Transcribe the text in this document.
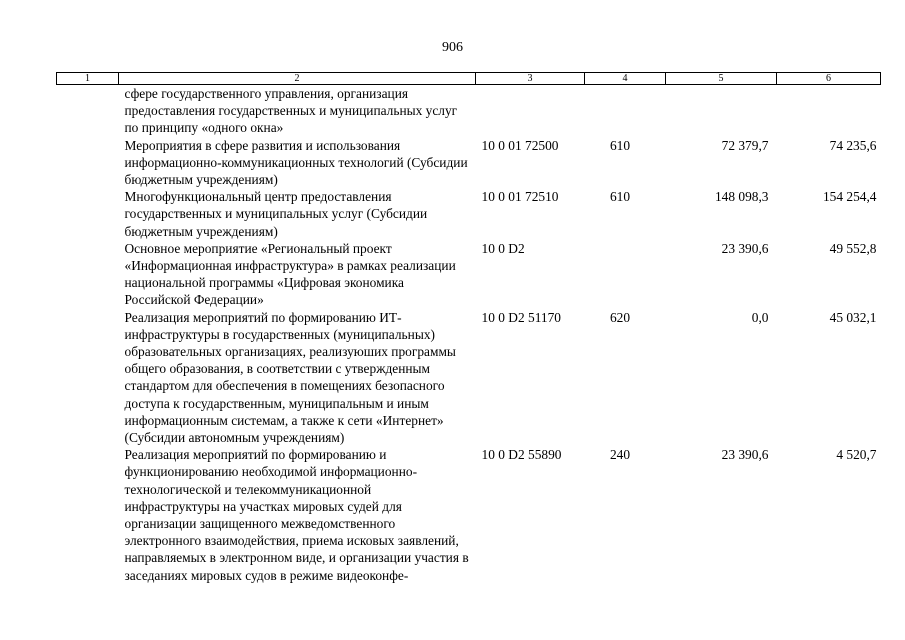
906
1	2	3	4	5	6
	сфере государственного управления, организация предоставления государственных и муниципальных услуг по принципу «одного окна»				
	Мероприятия в сфере развития и использования информационно-коммуникационных технологий (Субсидии бюджетным учреждениям)	10 0 01 72500	610	72 379,7	74 235,6
	Многофункциональный центр предоставления государственных и муниципальных услуг (Субсидии бюджетным учреждениям)	10 0 01 72510	610	148 098,3	154 254,4
	Основное мероприятие «Региональный проект «Информационная инфраструктура» в рамках реализации национальной программы «Цифровая экономика Российской Федерации»	10 0 D2		23 390,6	49 552,8
	Реализация мероприятий по формированию ИТ-инфраструктуры в государственных (муниципальных) образовательных организациях, реализуюших программы общего образования, в соответствии с утвержденным стандартом для обеспечения в помещениях безопасного доступа к государственным, муниципальным и иным информационным системам, а также к сети «Интернет» (Субсидии автономным учреждениям)	10 0 D2 51170	620	0,0	45 032,1
	Реализация мероприятий по формированию и функционированию необходимой информационно-технологической и телекоммуникационной инфраструктуры на участках мировых судей для организации защищенного межведомственного электронного взаимодействия, приема исковых заявлений, направляемых в электронном виде, и организации участия в заседаниях мировых судов в режиме видеоконфе-	10 0 D2 55890	240	23 390,6	4 520,7
